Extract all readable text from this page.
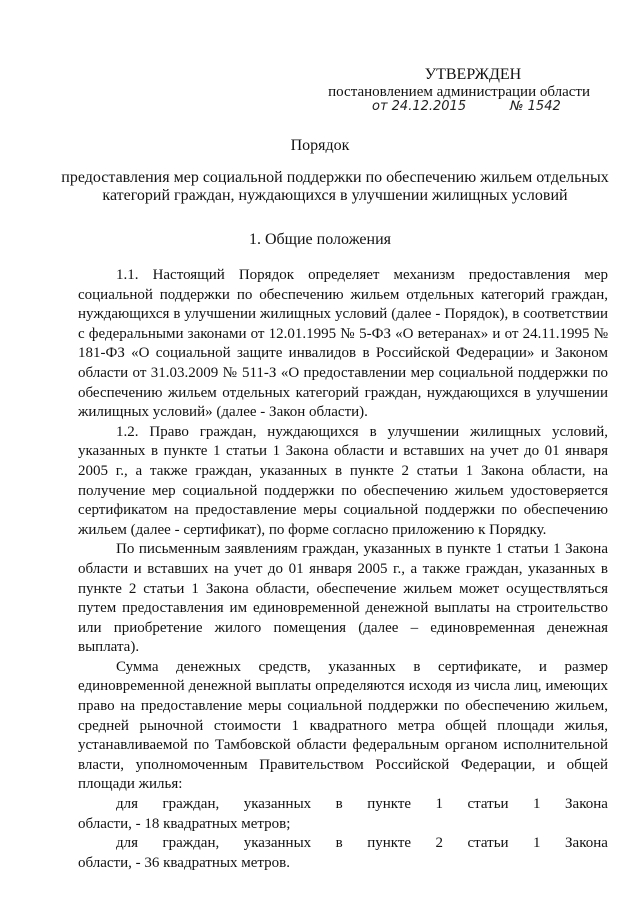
УТВЕРЖДЕН
постановлением администрации области
от 24.12.2015	№ 1542
Порядок
предоставления мер социальной поддержки по обеспечению жильем отдельных категорий граждан, нуждающихся в улучшении жилищных условий
1. Общие положения

1.1. Настоящий Порядок определяет механизм предоставления мер социальной поддержки по обеспечению жильем отдельных категорий граждан, нуждающихся в улучшении жилищных условий (далее - Порядок), в соответствии с федеральными законами от 12.01.1995 № 5-ФЗ «О ветеранах» и от 24.11.1995 № 181-ФЗ «О социальной защите инвалидов в Российской Федерации» и Законом области от 31.03.2009 № 511-З «О предоставлении мер социальной поддержки по обеспечению жильем отдельных категорий граждан, нуждающихся в улучшении жилищных условий» (далее - Закон области).

1.2. Право граждан, нуждающихся в улучшении жилищных условий, указанных в пункте 1 статьи 1 Закона области и вставших на учет до 01 января 2005 г., а также граждан, указанных в пункте 2 статьи 1 Закона области, на получение мер социальной поддержки по обеспечению жильем удостоверяется сертификатом на предоставление меры социальной поддержки по обеспечению жильем (далее - сертификат), по форме согласно приложению к Порядку.

По письменным заявлениям граждан, указанных в пункте 1 статьи 1 Закона области и вставших на учет до 01 января 2005 г., а также граждан, указанных в пункте 2 статьи 1 Закона области, обеспечение жильем может осуществляться путем предоставления им единовременной денежной выплаты на строительство или приобретение жилого помещения (далее – единовременная денежная выплата).

Сумма денежных средств, указанных в сертификате, и размер единовременной денежной выплаты определяются исходя из числа лиц, имеющих право на предоставление меры социальной поддержки по обеспечению жильем, средней рыночной стоимости 1 квадратного метра общей площади жилья, устанавливаемой по Тамбовской области федеральным органом исполнительной власти, уполномоченным Правительством Российской Федерации, и общей площади жилья:

для граждан, указанных в пункте 1 статьи 1 Закона

области, - 18 квадратных метров;

для граждан, указанных в пункте 2 статьи 1 Закона

области, - 36 квадратных метров.
